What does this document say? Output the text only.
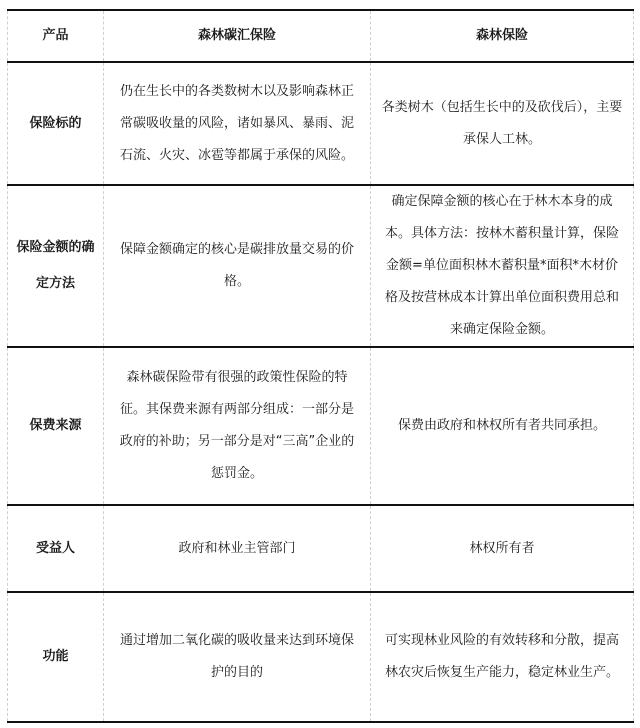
产品	森林碳汇保险	森林保险
保险标的	仍在生长中的各类数树木以及影响森林正常碳吸收量的风险，诸如暴风、暴雨、泥石流、火灾、冰雹等都属于承保的风险。	各类树木（包括生长中的及砍伐后），主要承保人工林。
保险金额的确定方法	保障金额确定的核心是碳排放量交易的价格。	确定保障金额的核心在于林木本身的成本。具体方法：按林木蓄积量计算，保险金额=单位面积林木蓄积量*面积*木材价格及按营林成本计算出单位面积费用总和来确定保险金额。
保费来源	森林碳保险带有很强的政策性保险的特征。其保费来源有两部分组成：一部分是政府的补助；另一部分是对“三高”企业的惩罚金。	保费由政府和林权所有者共同承担。
受益人	政府和林业主管部门	林权所有者
功能	通过增加二氧化碳的吸收量来达到环境保护的目的	可实现林业风险的有效转移和分散，提高林农灾后恢复生产能力，稳定林业生产。
